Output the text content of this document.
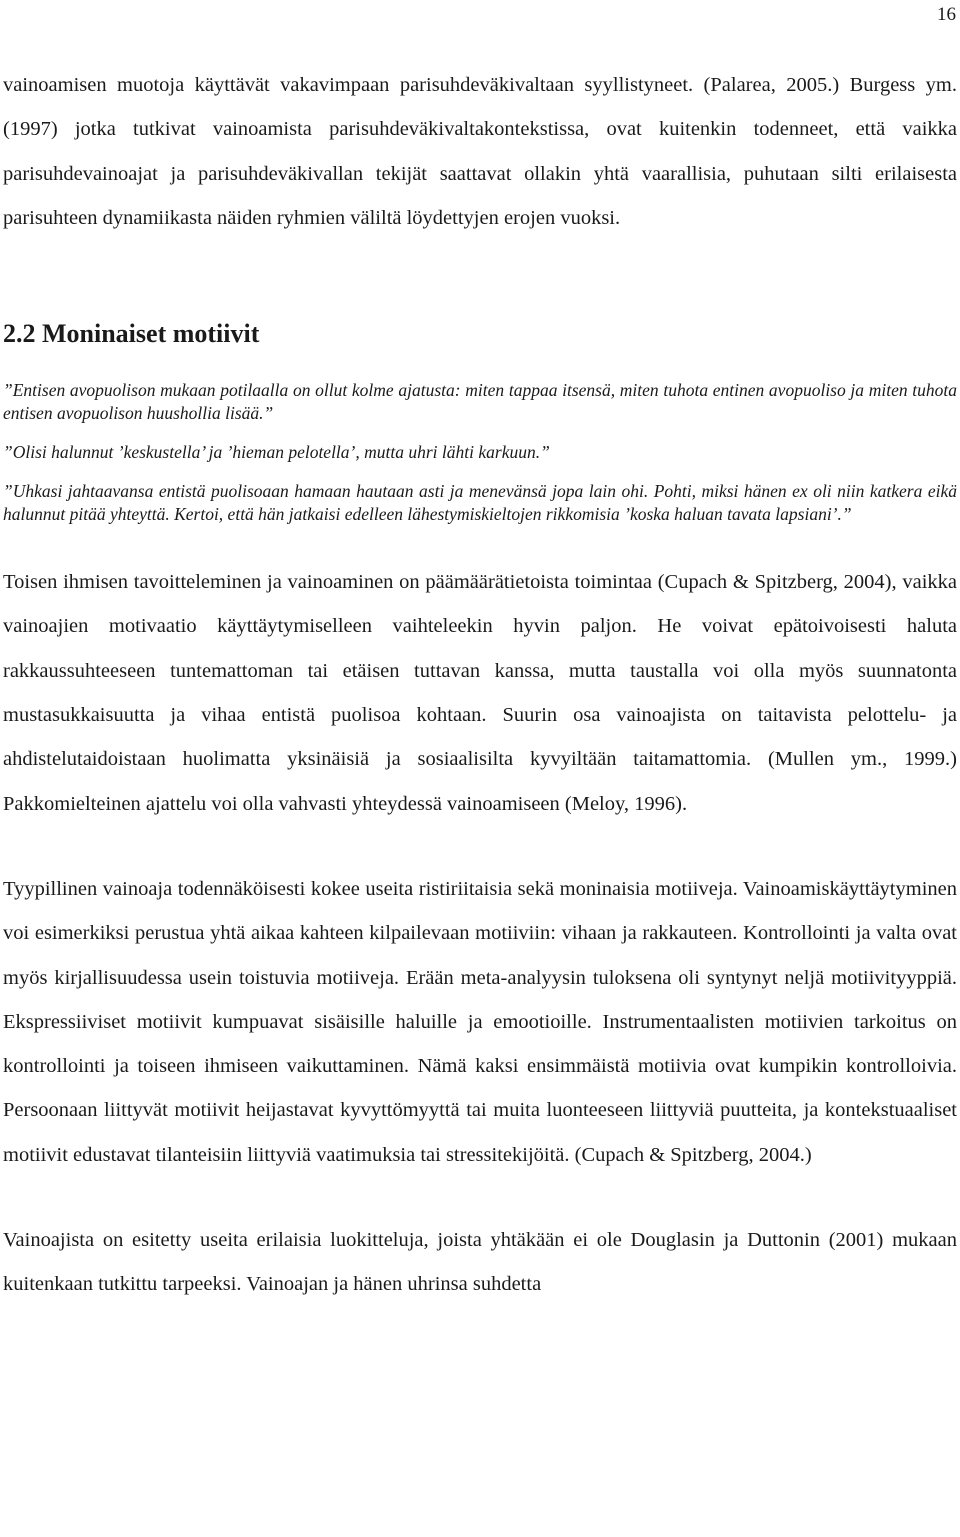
16

vainoamisen muotoja käyttävät vakavimpaan parisuhdeväkivaltaan syyllistyneet. (Palarea, 2005.) Burgess ym. (1997) jotka tutkivat vainoamista parisuhdeväkivaltakontekstissa, ovat kuitenkin todenneet, että vaikka parisuhdevainoajat ja parisuhdeväkivallan tekijät saattavat ollakin yhtä vaarallisia, puhutaan silti erilaisesta parisuhteen dynamiikasta näiden ryhmien väliltä löydettyjen erojen vuoksi.

2.2 Moninaiset motiivit

”Entisen avopuolison mukaan potilaalla on ollut kolme ajatusta: miten tappaa itsensä, miten tuhota entinen avopuoliso ja miten tuhota entisen avopuolison huushollia lisää.”

”Olisi halunnut ’keskustella’ ja ’hieman pelotella’, mutta uhri lähti karkuun.”

”Uhkasi jahtaavansa entistä puolisoaan hamaan hautaan asti ja menevänsä jopa lain ohi. Pohti, miksi hänen ex oli niin katkera eikä halunnut pitää yhteyttä. Kertoi, että hän jatkaisi edelleen lähestymiskieltojen rikkomisia ’koska haluan tavata lapsiani’.”

Toisen ihmisen tavoitteleminen ja vainoaminen on päämäärätietoista toimintaa (Cupach & Spitzberg, 2004), vaikka vainoajien motivaatio käyttäytymiselleen vaihteleekin hyvin paljon. He voivat epätoivoisesti haluta rakkaussuhteeseen tuntemattoman tai etäisen tuttavan kanssa, mutta taustalla voi olla myös suunnatonta mustasukkaisuutta ja vihaa entistä puolisoa kohtaan. Suurin osa vainoajista on taitavista pelottelu- ja ahdistelutaidoistaan huolimatta yksinäisiä ja sosiaalisilta kyvyiltään taitamattomia. (Mullen ym., 1999.) Pakkomielteinen ajattelu voi olla vahvasti yhteydessä vainoamiseen (Meloy, 1996).

Tyypillinen vainoaja todennäköisesti kokee useita ristiriitaisia sekä moninaisia motiiveja. Vainoamiskäyttäytyminen voi esimerkiksi perustua yhtä aikaa kahteen kilpailevaan motiiviin: vihaan ja rakkauteen. Kontrollointi ja valta ovat myös kirjallisuudessa usein toistuvia motiiveja. Erään meta-analyysin tuloksena oli syntynyt neljä motiivityyppiä. Ekspressiiviset motiivit kumpuavat sisäisille haluille ja emootioille. Instrumentaalisten motiivien tarkoitus on kontrollointi ja toiseen ihmiseen vaikuttaminen. Nämä kaksi ensimmäistä motiivia ovat kumpikin kontrolloivia. Persoonaan liittyvät motiivit heijastavat kyvyttömyyttä tai muita luonteeseen liittyviä puutteita, ja kontekstuaaliset motiivit edustavat tilanteisiin liittyviä vaatimuksia tai stressitekijöitä. (Cupach & Spitzberg, 2004.)

Vainoajista on esitetty useita erilaisia luokitteluja, joista yhtäkään ei ole Douglasin ja Duttonin (2001) mukaan kuitenkaan tutkittu tarpeeksi. Vainoajan ja hänen uhrinsa suhdetta
